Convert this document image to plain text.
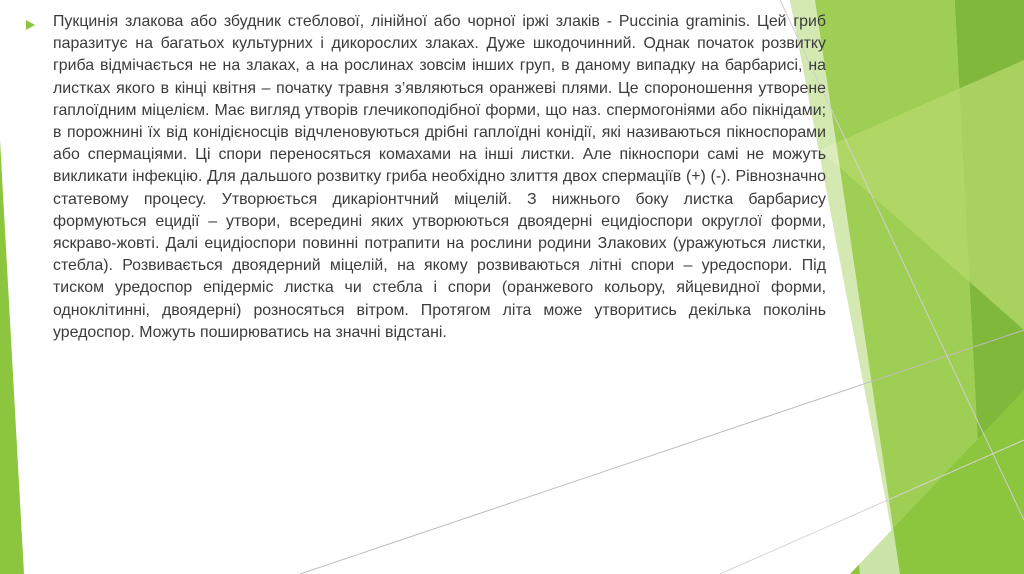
Пукцинія злакова або збудник стеблової, лінійної або чорної іржі злаків - Puccinia graminis. Цей гриб паразитує на багатьох культурних і дикорослих злаках. Дуже шкодочинний. Однак початок розвитку гриба відмічається не на злаках, а на рослинах зовсім інших груп, в даному випадку на барбарисі, на листках якого в кінці квітня – початку травня з’являються оранжеві плями. Це спороношення утворене гаплоїдним міцелієм. Має вигляд утворів глечикоподібної форми, що наз. спермогоніями або пікнідами; в порожнині їх від конідієносців відчленовуються дрібні гаплоїдні конідії, які називаються пікноспорами або спермаціями. Ці спори переносяться комахами на інші листки. Але пікноспори самі не можуть викликати інфекцію. Для дальшого розвитку гриба необхідно злиття двох спермаціїв (+) (-). Рівнозначно статевому процесу. Утворюється дикаріонтчний міцелій. З нижнього боку листка барбарису формуються ецидії – утвори, всередині яких утворюються двоядерні ецидіоспори округлої форми, яскраво-жовті. Далі ецидіоспори повинні потрапити на рослини родини Злакових (уражуються листки, стебла). Розвивається двоядерний міцелій, на якому розвиваються літні спори – уредоспори. Під тиском уредоспор епідерміс листка чи стебла і спори (оранжевого кольору, яйцевидної форми, одноклітинні, двоядерні) розносяться вітром. Протягом літа може утворитись декілька поколінь уредоспор. Можуть поширюватись на значні відстані.
